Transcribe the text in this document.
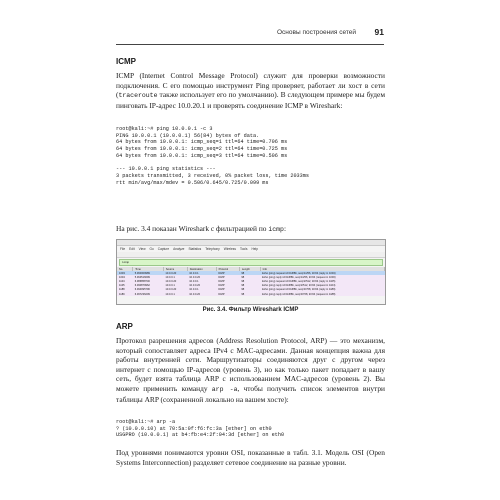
Основы построения сетей 91
ICMP
ICMP (Internet Control Message Protocol) служит для проверки возможности подключения. С его помощью инструмент Ping проверяет, работает ли хост в сети (traceroute также использует его по умолчанию). В следующем примере мы будем пинговать IP-адрес 10.0.20.1 и проверять соединение ICMP в Wireshark:
root@kali:~# ping 10.0.0.1 -c 3
PING 10.0.0.1 (10.0.0.1) 56(84) bytes of data.
64 bytes from 10.0.0.1: icmp_seq=1 ttl=64 time=0.706 ms
64 bytes from 10.0.0.1: icmp_seq=2 ttl=64 time=0.725 ms
64 bytes from 10.0.0.1: icmp_seq=3 ttl=64 time=0.506 ms

--- 10.0.0.1 ping statistics ---
3 packets transmitted, 3 received, 0% packet loss, time 2033ms
rtt min/avg/max/mdev = 0.506/0.645/0.725/0.099 ms
На рис. 3.4 показан Wireshark с фильтрацией по icmp:
File Edit View Go Capture Analyze Statistics Telephony Wireless Tools Help
icmp
No.	Time	Source	Destination	Protocol	Length	Info
1003	5.360009989	10.0.0.20	10.0.0.1	ICMP	98	Echo (ping) request id=0x6f8b, seq=1/256, ttl=64 (reply in 1004)
1004	5.364516699	10.0.0.1	10.0.0.20	ICMP	98	Echo (ping) reply id=0x6f8b, seq=1/256, ttl=64 (request in 1003)
1104	6.386858746	10.0.0.20	10.0.0.1	ICMP	98	Echo (ping) request id=0x6f8b, seq=2/512, ttl=64 (reply in 1105)
1105	6.390879962	10.0.0.1	10.0.0.20	ICMP	98	Echo (ping) reply id=0x6f8b, seq=2/512, ttl=64 (request in 1104)
1188	6.394995796	10.0.0.20	10.0.0.1	ICMP	98	Echo (ping) request id=0x6f8b, seq=3/768, ttl=64 (reply in 1189)
1189	6.397236209	10.0.0.1	10.0.0.20	ICMP	98	Echo (ping) reply id=0x6f8b, seq=3/768, ttl=64 (request in 1188)
Рис. 3.4. Фильтр Wireshark ICMP
ARP
Протокол разрешения адресов (Address Resolution Protocol, ARP) — это механизм, который сопоставляет адреса IPv4 с MAC-адресами. Данная концепция важна для работы внутренней сети. Маршрутизаторы соединяются друг с другом через интернет с помощью IP-адресов (уровень 3), но как только пакет попадает в вашу сеть, будет взята таблица ARP с использованием MAC-адресов (уровень 2). Вы можете применить команду arp -a, чтобы получить список элементов внутри таблицы ARP (сохраненной локально на вашем хосте):
root@kali:~# arp -a
? (10.0.0.10) at 70:5a:0f:f6:fc:3a [ether] on eth0
USGPRO (10.0.0.1) at b4:fb:e4:2f:04:3d [ether] on eth0
Под уровнями понимаются уровни OSI, показанные в табл. 3.1. Модель OSI (Open Systems Interconnection) разделяет сетевое соединение на разные уровни.
